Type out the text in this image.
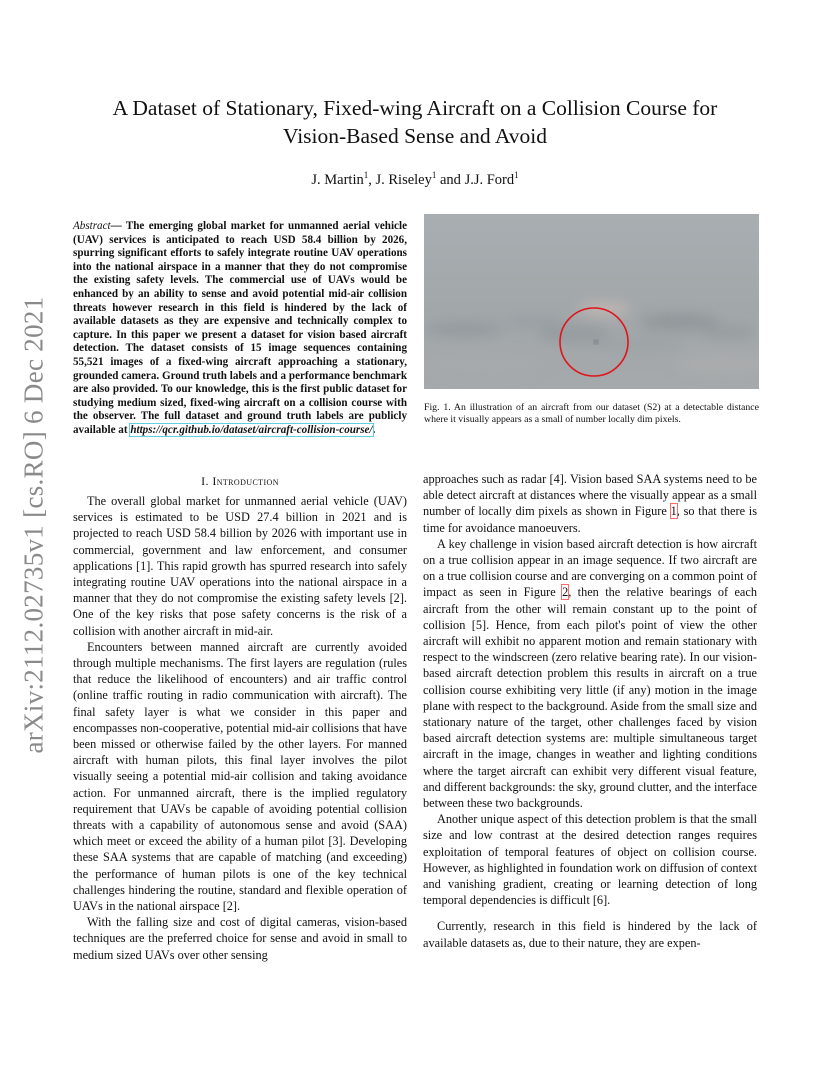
arXiv:2112.02735v1 [cs.RO] 6 Dec 2021
A Dataset of Stationary, Fixed-wing Aircraft on a Collision Course for
Vision-Based Sense and Avoid
J. Martin$^1$, J. Riseley$^1$ and J.J. Ford$^1$
Abstract— The emerging global market for unmanned aerial vehicle (UAV) services is anticipated to reach USD 58.4 billion by 2026, spurring significant efforts to safely integrate routine UAV operations into the national airspace in a manner that they do not compromise the existing safety levels. The commercial use of UAVs would be enhanced by an ability to sense and avoid potential mid-air collision threats however research in this field is hindered by the lack of available datasets as they are expensive and technically complex to capture. In this paper we present a dataset for vision based aircraft detection. The dataset consists of 15 image sequences containing 55,521 images of a fixed-wing aircraft approaching a stationary, grounded camera. Ground truth labels and a performance benchmark are also provided. To our knowledge, this is the first public dataset for studying medium sized, fixed-wing aircraft on a collision course with the observer. The full dataset and ground truth labels are publicly available at https://qcr.github.io/dataset/aircraft-collision-course/.
I. Introduction

The overall global market for unmanned aerial vehicle (UAV) services is estimated to be USD 27.4 billion in 2021 and is projected to reach USD 58.4 billion by 2026 with important use in commercial, government and law enforcement, and consumer applications [1]. This rapid growth has spurred research into safely integrating routine UAV operations into the national airspace in a manner that they do not compromise the existing safety levels [2]. One of the key risks that pose safety concerns is the risk of a collision with another aircraft in mid-air.

Encounters between manned aircraft are currently avoided through multiple mechanisms. The first layers are regulation (rules that reduce the likelihood of encounters) and air traffic control (online traffic routing in radio communication with aircraft). The final safety layer is what we consider in this paper and encompasses non-cooperative, potential mid-air collisions that have been missed or otherwise failed by the other layers. For manned aircraft with human pilots, this final layer involves the pilot visually seeing a potential mid-air collision and taking avoidance action. For unmanned aircraft, there is the implied regulatory requirement that UAVs be capable of avoiding potential collision threats with a capability of autonomous sense and avoid (SAA) which meet or exceed the ability of a human pilot [3]. Developing these SAA systems that are capable of matching (and exceeding) the performance of human pilots is one of the key technical challenges hindering the routine, standard and flexible operation of UAVs in the national airspace [2].

With the falling size and cost of digital cameras, vision-based techniques are the preferred choice for sense and avoid in small to medium sized UAVs over other sensing

Fig. 1. An illustration of an aircraft from our dataset (S2) at a detectable distance where it visually appears as a small of number locally dim pixels.

approaches such as radar [4]. Vision based SAA systems need to be able detect aircraft at distances where the visually appear as a small number of locally dim pixels as shown in Figure 1, so that there is time for avoidance manoeuvers.

A key challenge in vision based aircraft detection is how aircraft on a true collision appear in an image sequence. If two aircraft are on a true collision course and are converging on a common point of impact as seen in Figure 2, then the relative bearings of each aircraft from the other will remain constant up to the point of collision [5]. Hence, from each pilot's point of view the other aircraft will exhibit no apparent motion and remain stationary with respect to the windscreen (zero relative bearing rate). In our vision-based aircraft detection problem this results in aircraft on a true collision course exhibiting very little (if any) motion in the image plane with respect to the background. Aside from the small size and stationary nature of the target, other challenges faced by vision based aircraft detection systems are: multiple simultaneous target aircraft in the image, changes in weather and lighting conditions where the target aircraft can exhibit very different visual feature, and different backgrounds: the sky, ground clutter, and the interface between these two backgrounds.

Another unique aspect of this detection problem is that the small size and low contrast at the desired detection ranges requires exploitation of temporal features of object on collision course. However, as highlighted in foundation work on diffusion of context and vanishing gradient, creating or learning detection of long temporal dependencies is difficult [6].

Currently, research in this field is hindered by the lack of available datasets as, due to their nature, they are expen-
